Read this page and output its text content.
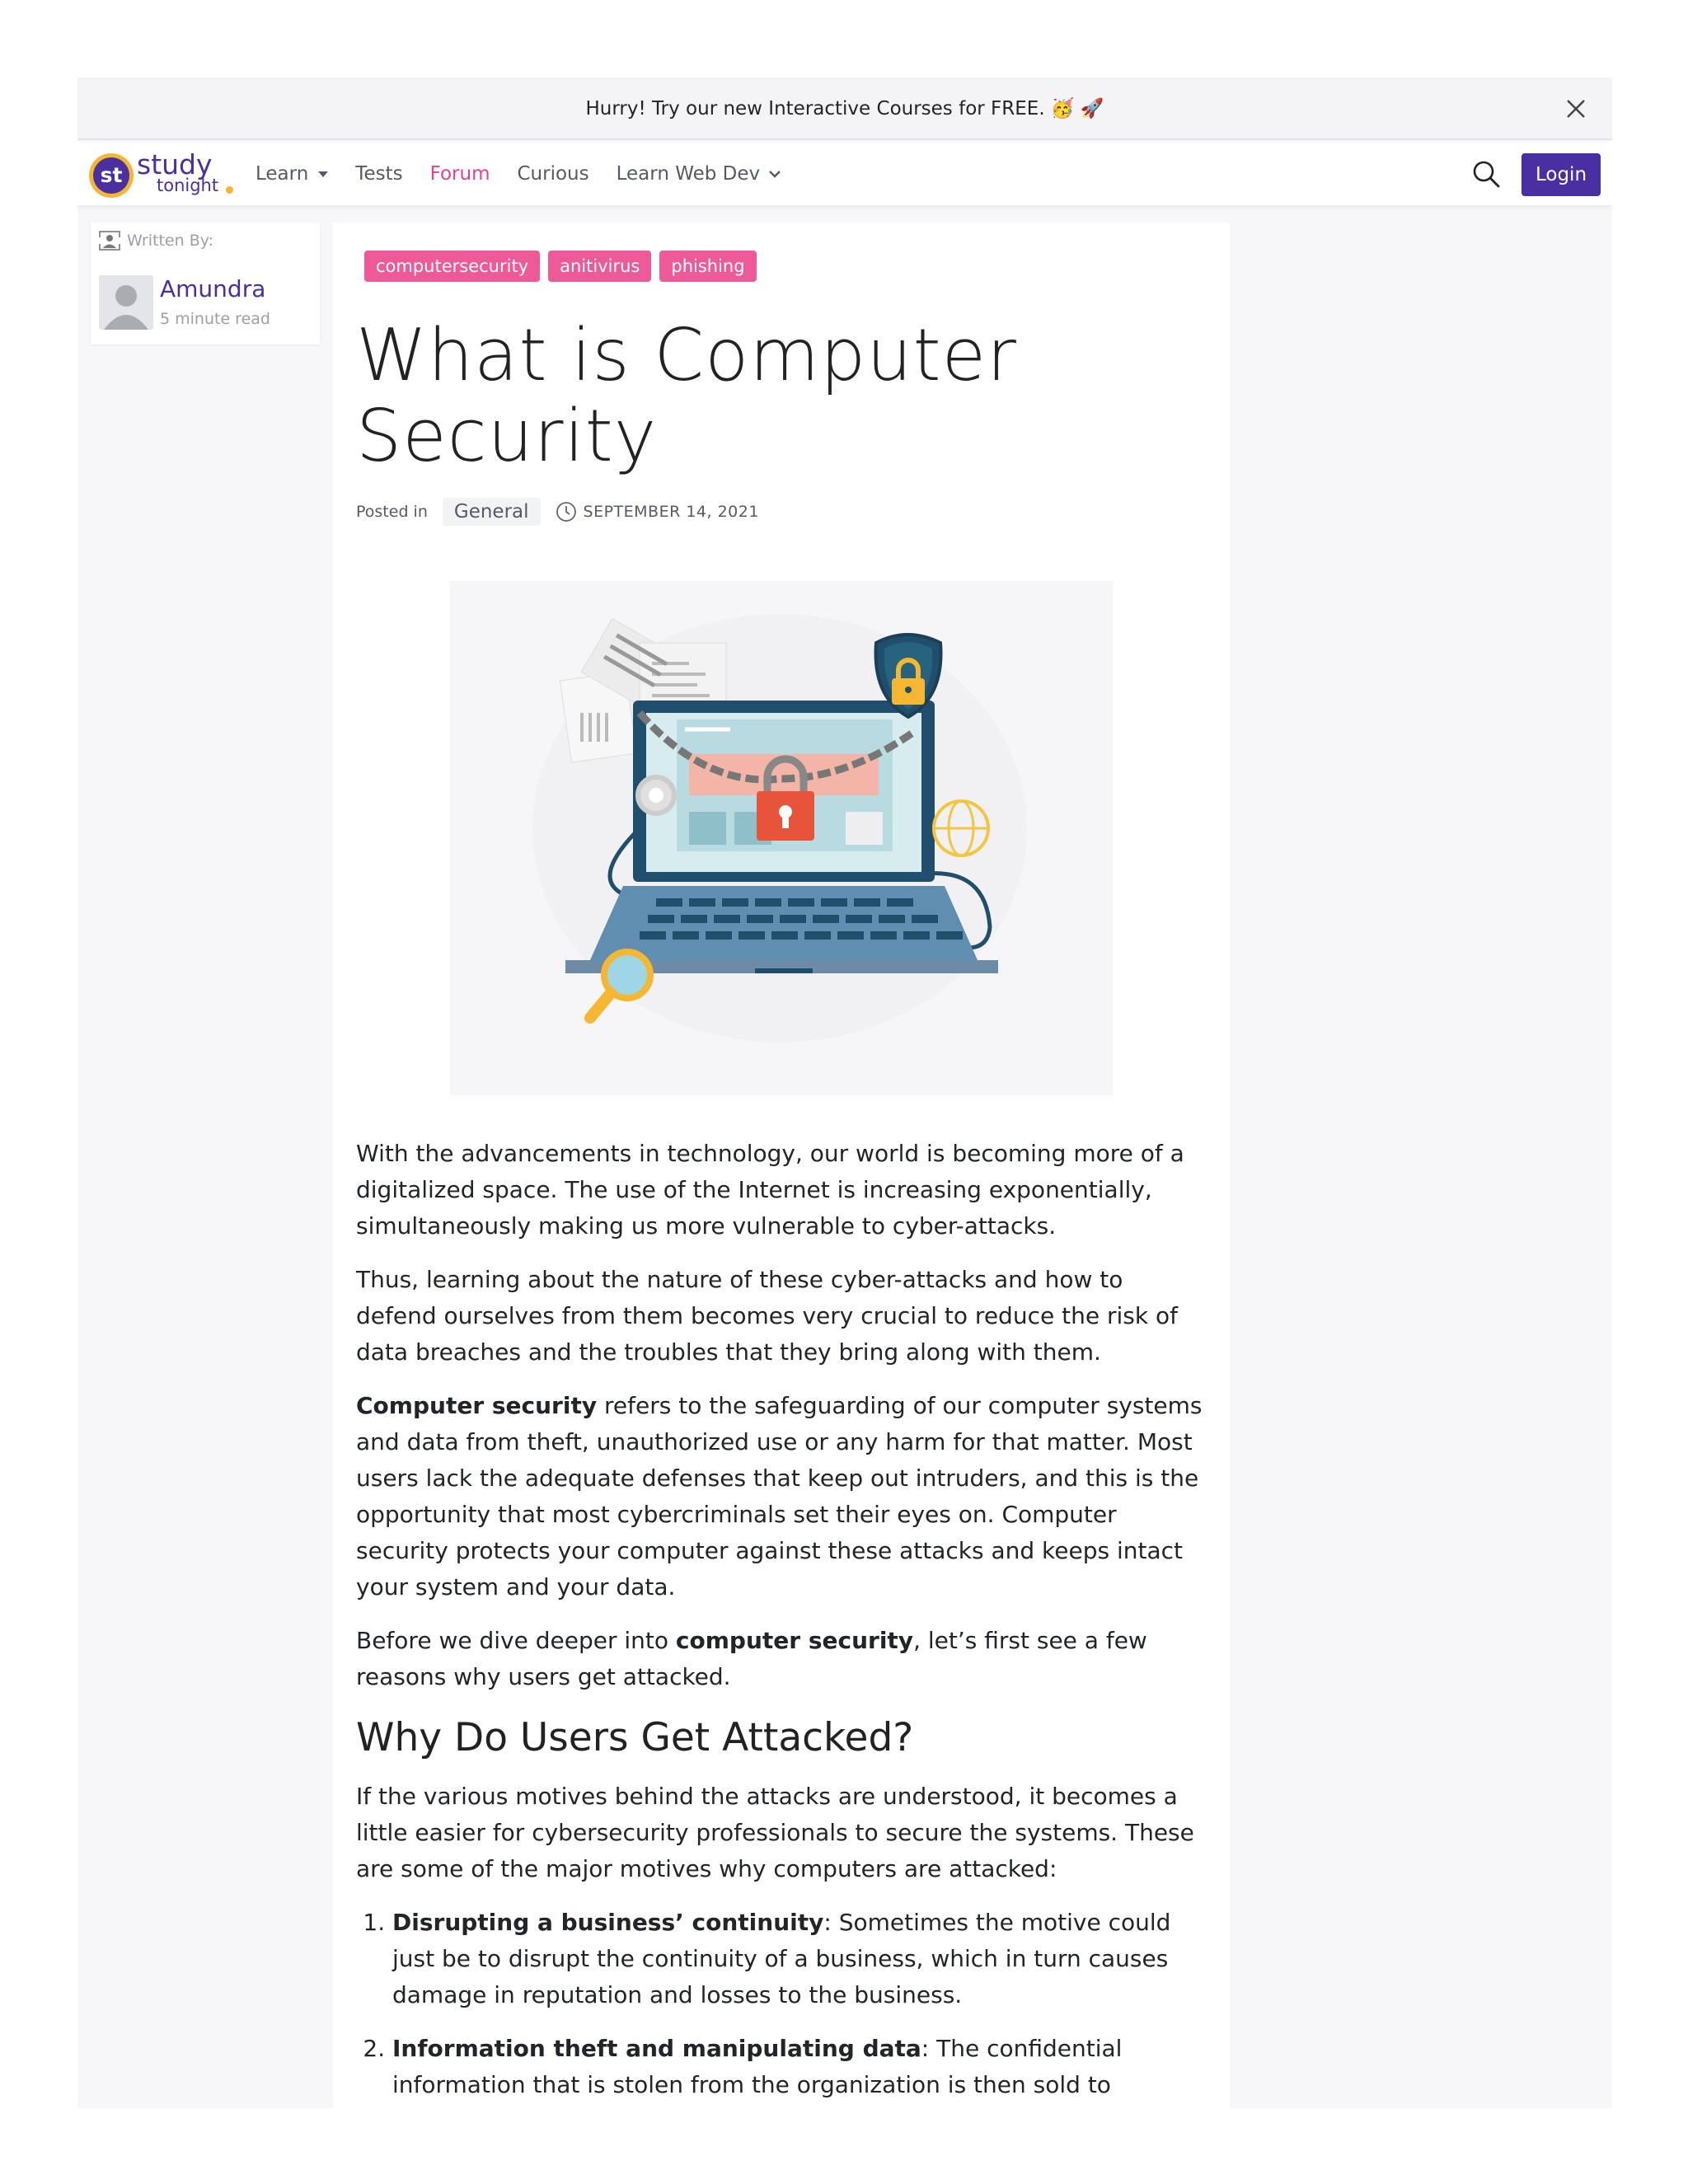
Hurry! Try our new Interactive Courses for FREE. 🥳 🚀
st study
tonight
Learn Tests Forum Curious Learn Web Dev	Login
Written By:
Amundra
5 minute read
computersecurity	anitivirus	phishing
What is Computer Security
Posted in	General	SEPTEMBER 14, 2021

With the advancements in technology, our world is becoming more of a digitalized space. The use of the Internet is increasing exponentially, simultaneously making us more vulnerable to cyber-attacks.

Thus, learning about the nature of these cyber-attacks and how to defend ourselves from them becomes very crucial to reduce the risk of data breaches and the troubles that they bring along with them.

Computer security refers to the safeguarding of our computer systems and data from theft, unauthorized use or any harm for that matter. Most users lack the adequate defenses that keep out intruders, and this is the opportunity that most cybercriminals set their eyes on. Computer security protects your computer against these attacks and keeps intact your system and your data.

Before we dive deeper into computer security, let’s first see a few reasons why users get attacked.

Why Do Users Get Attacked?

If the various motives behind the attacks are understood, it becomes a little easier for cybersecurity professionals to secure the systems. These are some of the major motives why computers are attacked:

1. Disrupting a business’ continuity: Sometimes the motive could just be to disrupt the continuity of a business, which in turn causes damage in reputation and losses to the business.
2. Information theft and manipulating data: The confidential information that is stolen from the organization is then sold to
